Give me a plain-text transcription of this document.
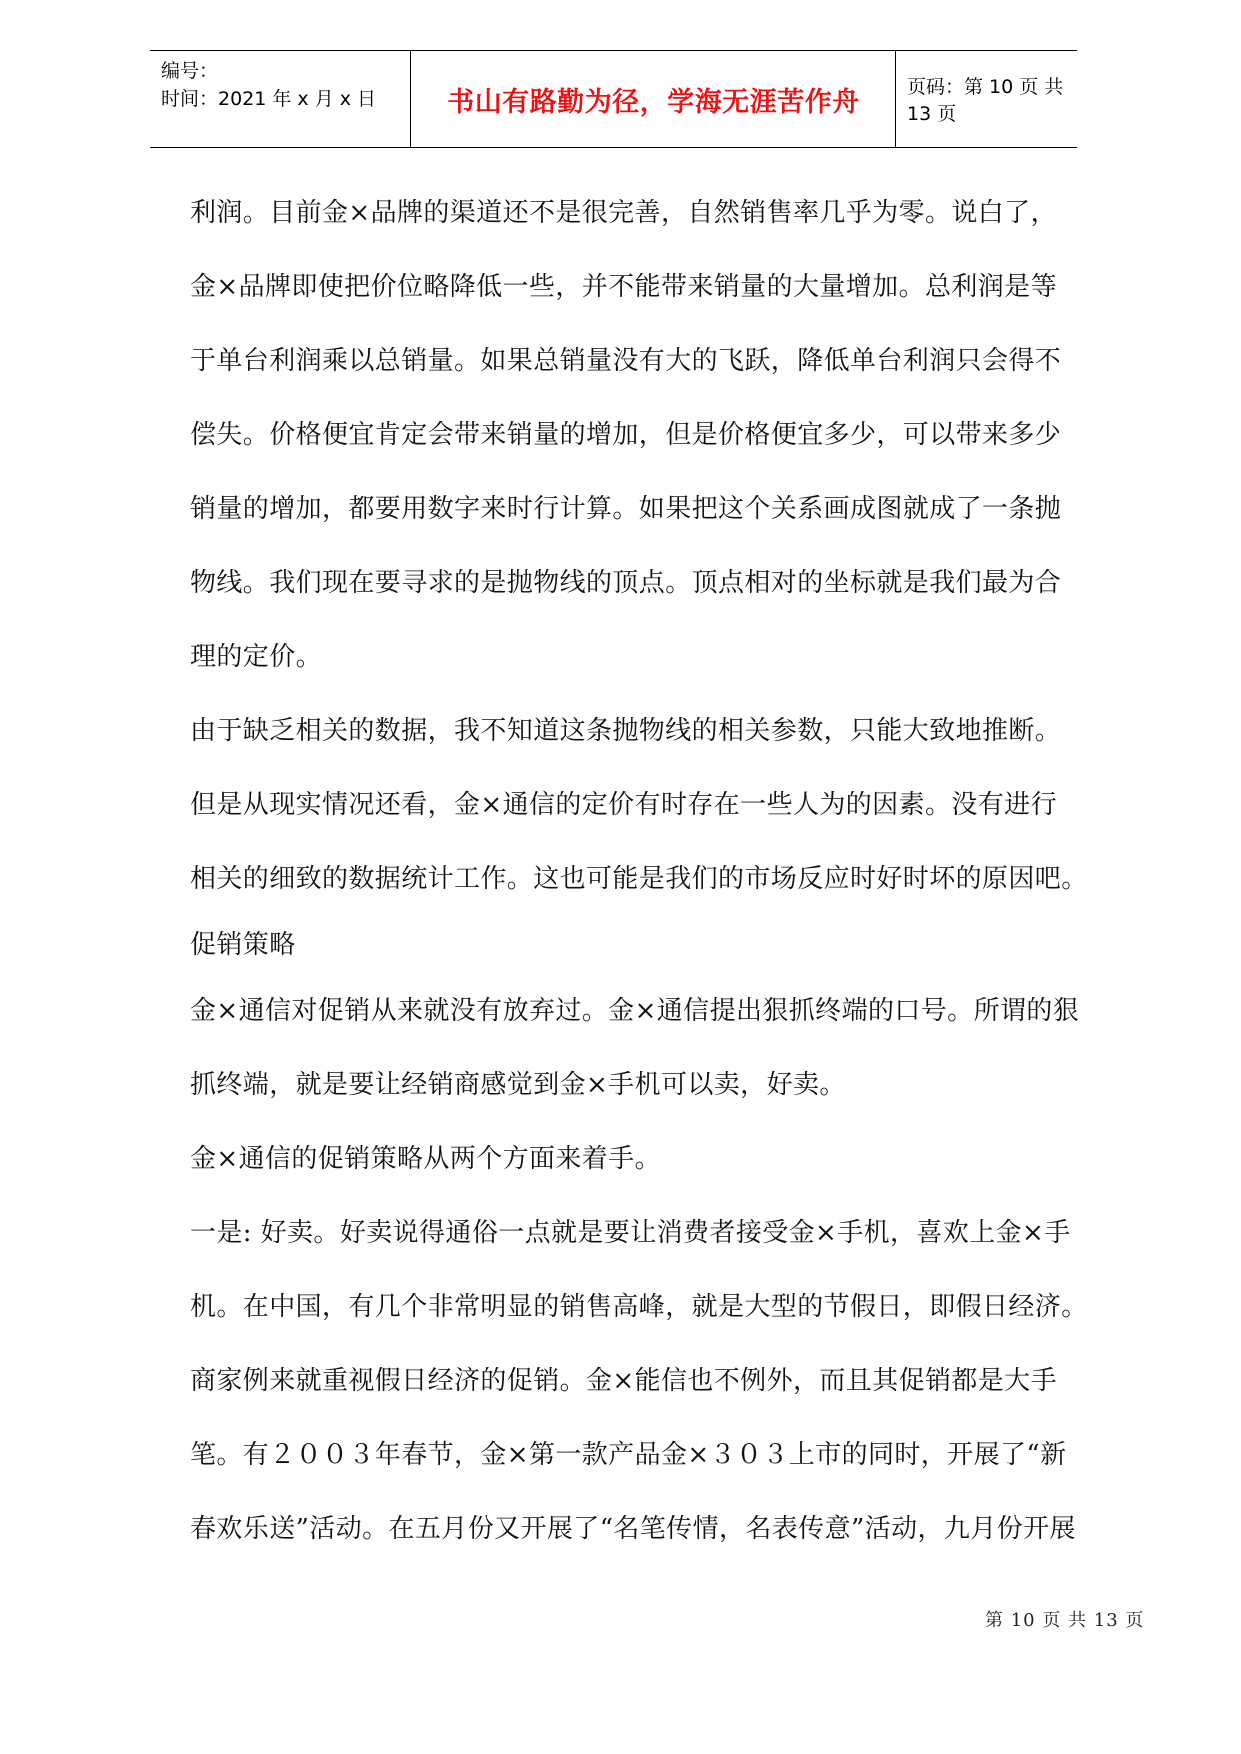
编号：
时间：2021 年 x 月 x 日	书山有路勤为径，学海无涯苦作舟	页码：第 10 页 共 13 页
利润。目前金×品牌的渠道还不是很完善，自然销售率几乎为零。说白了，
金×品牌即使把价位略降低一些，并不能带来销量的大量增加。总利润是等
于单台利润乘以总销量。如果总销量没有大的飞跃，降低单台利润只会得不
偿失。价格便宜肯定会带来销量的增加，但是价格便宜多少，可以带来多少
销量的增加，都要用数字来时行计算。如果把这个关系画成图就成了一条抛
物线。我们现在要寻求的是抛物线的顶点。顶点相对的坐标就是我们最为合
理的定价。
由于缺乏相关的数据，我不知道这条抛物线的相关参数，只能大致地推断。
但是从现实情况还看，金×通信的定价有时存在一些人为的因素。没有进行
相关的细致的数据统计工作。这也可能是我们的市场反应时好时坏的原因吧。
促销策略
金×通信对促销从来就没有放弃过。金×通信提出狠抓终端的口号。所谓的狠
抓终端，就是要让经销商感觉到金×手机可以卖，好卖。
金×通信的促销策略从两个方面来着手。
一是: 好卖。好卖说得通俗一点就是要让消费者接受金×手机，喜欢上金×手
机。在中国，有几个非常明显的销售高峰，就是大型的节假日，即假日经济。
商家例来就重视假日经济的促销。金×能信也不例外，而且其促销都是大手
笔。有２００３年春节，金×第一款产品金×３０３上市的同时，开展了“新
春欢乐送”活动。在五月份又开展了“名笔传情，名表传意”活动，九月份开展
第 10 页 共 13 页
